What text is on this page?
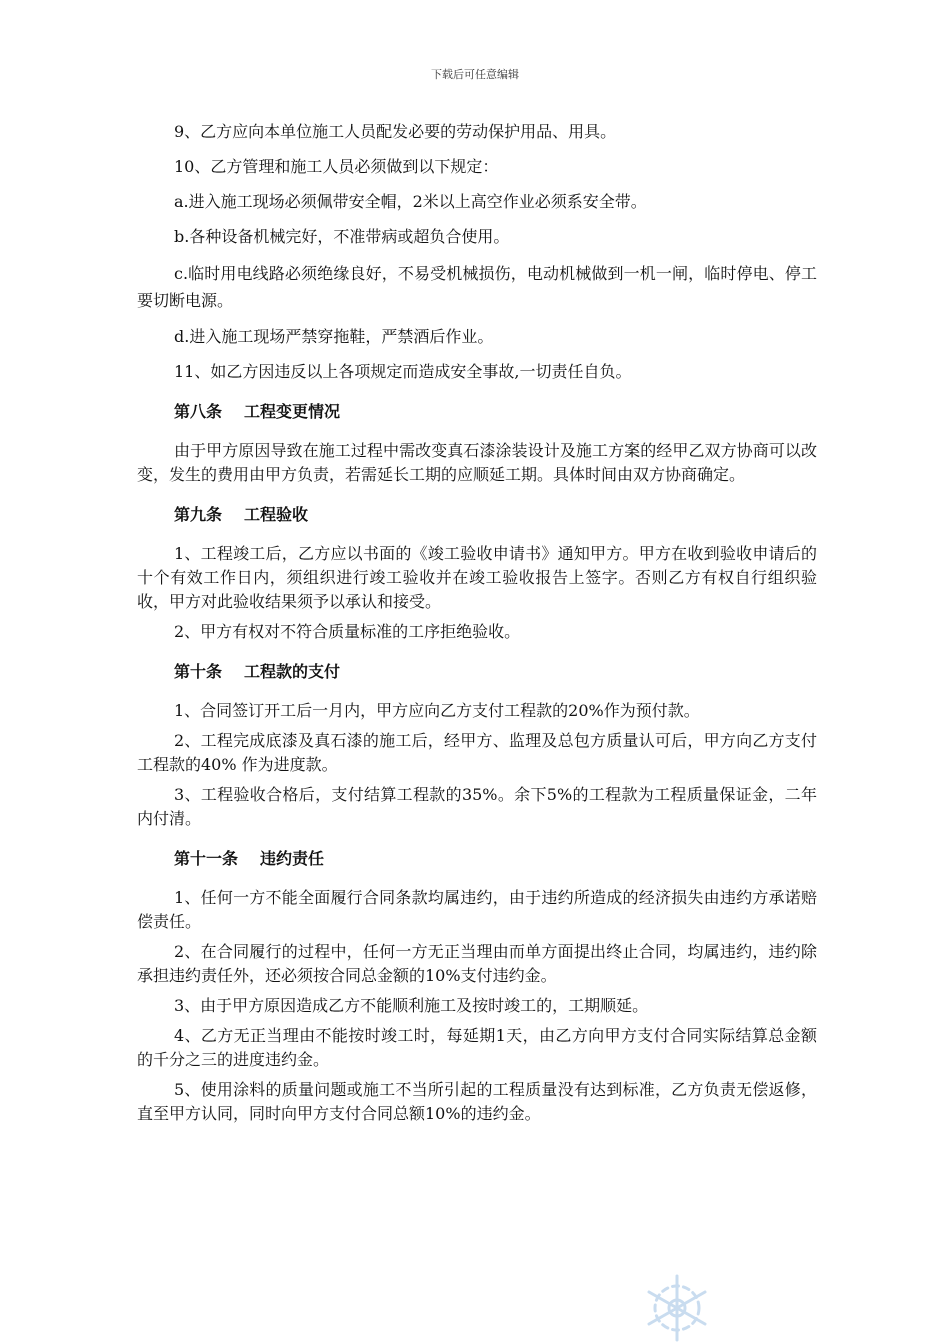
下载后可任意编辑

9、乙方应向本单位施工人员配发必要的劳动保护用品、用具。

10、乙方管理和施工人员必须做到以下规定：

a.进入施工现场必须佩带安全帽，2米以上高空作业必须系安全带。

b.各种设备机械完好，不准带病或超负合使用。

c.临时用电线路必须绝缘良好，不易受机械损伤，电动机械做到一机一闸，临时停电、停工要切断电源。

d.进入施工现场严禁穿拖鞋，严禁酒后作业。

11、如乙方因违反以上各项规定而造成安全事故,一切责任自负。

第八条 工程变更情况

由于甲方原因导致在施工过程中需改变真石漆涂装设计及施工方案的经甲乙双方协商可以改变，发生的费用由甲方负责，若需延长工期的应顺延工期。具体时间由双方协商确定。

第九条 工程验收

1、工程竣工后，乙方应以书面的《竣工验收申请书》通知甲方。甲方在收到验收申请后的十个有效工作日内，须组织进行竣工验收并在竣工验收报告上签字。否则乙方有权自行组织验收，甲方对此验收结果须予以承认和接受。

2、甲方有权对不符合质量标准的工序拒绝验收。

第十条 工程款的支付

1、合同签订开工后一月内，甲方应向乙方支付工程款的20%作为预付款。

2、工程完成底漆及真石漆的施工后，经甲方、监理及总包方质量认可后，甲方向乙方支付工程款的40% 作为进度款。

3、工程验收合格后，支付结算工程款的35%。余下5%的工程款为工程质量保证金，二年内付清。

第十一条 违约责任

1、任何一方不能全面履行合同条款均属违约，由于违约所造成的经济损失由违约方承诺赔偿责任。

2、在合同履行的过程中，任何一方无正当理由而单方面提出终止合同，均属违约，违约除承担违约责任外，还必须按合同总金额的10%支付违约金。

3、由于甲方原因造成乙方不能顺利施工及按时竣工的，工期顺延。

4、乙方无正当理由不能按时竣工时，每延期1天，由乙方向甲方支付合同实际结算总金额的千分之三的进度违约金。

5、使用涂料的质量问题或施工不当所引起的工程质量没有达到标准，乙方负责无偿返修，直至甲方认同，同时向甲方支付合同总额10%的违约金。
